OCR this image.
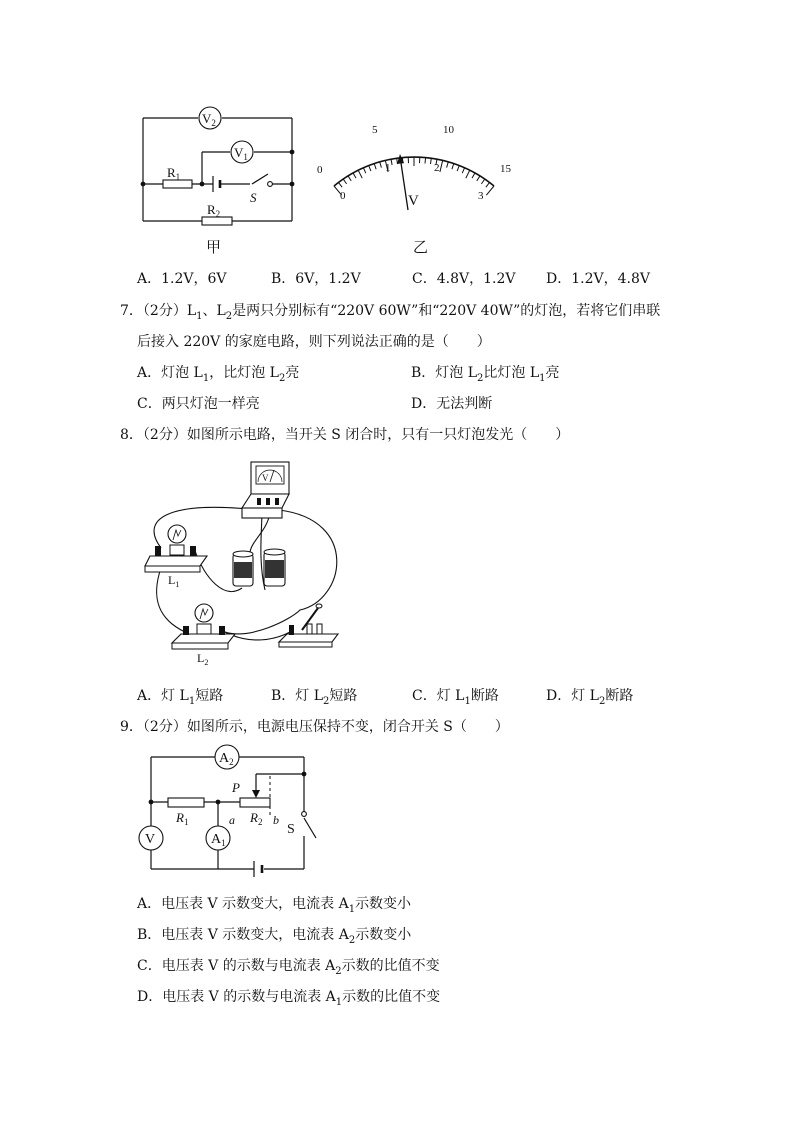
$V_2$
$V_1$
$R_1$
$R_2$
S
甲
0
5	10
15
0
1	2
3
V
乙
A．1.2V，6V	B．6V，1.2V	C．4.8V，1.2V D．1.2V，4.8V
7．（2分）$L_1$、$L_2$是两只分别标有“220V 60W”和“220V 40W”的灯泡，若将它们串联
后接入 220V 的家庭电路，则下列说法正确的是（　　）
A．灯泡 $L_1$，比灯泡 $L_2$亮	B．灯泡 $L_2$比灯泡 $L_1$亮
C．两只灯泡一样亮	D．无法判断
8．（2分）如图所示电路，当开关 S 闭合时，只有一只灯泡发光（　　）
V
$L_1$
$L_2$
A．灯 $L_1$短路	B．灯 $L_2$短路	C．灯 $L_1$断路	D．灯 $L_2$断路
9．（2分）如图所示，电源电压保持不变，闭合开关 S（　　）
$A_2$
V	$A_1$
P
$R_1$	$R_2$
a	b
S
A．电压表 V 示数变大，电流表 $A_1$示数变小
B．电压表 V 示数变大，电流表 $A_2$示数变小
C．电压表 V 的示数与电流表 $A_2$示数的比值不变
D．电压表 V 的示数与电流表 $A_1$示数的比值不变
